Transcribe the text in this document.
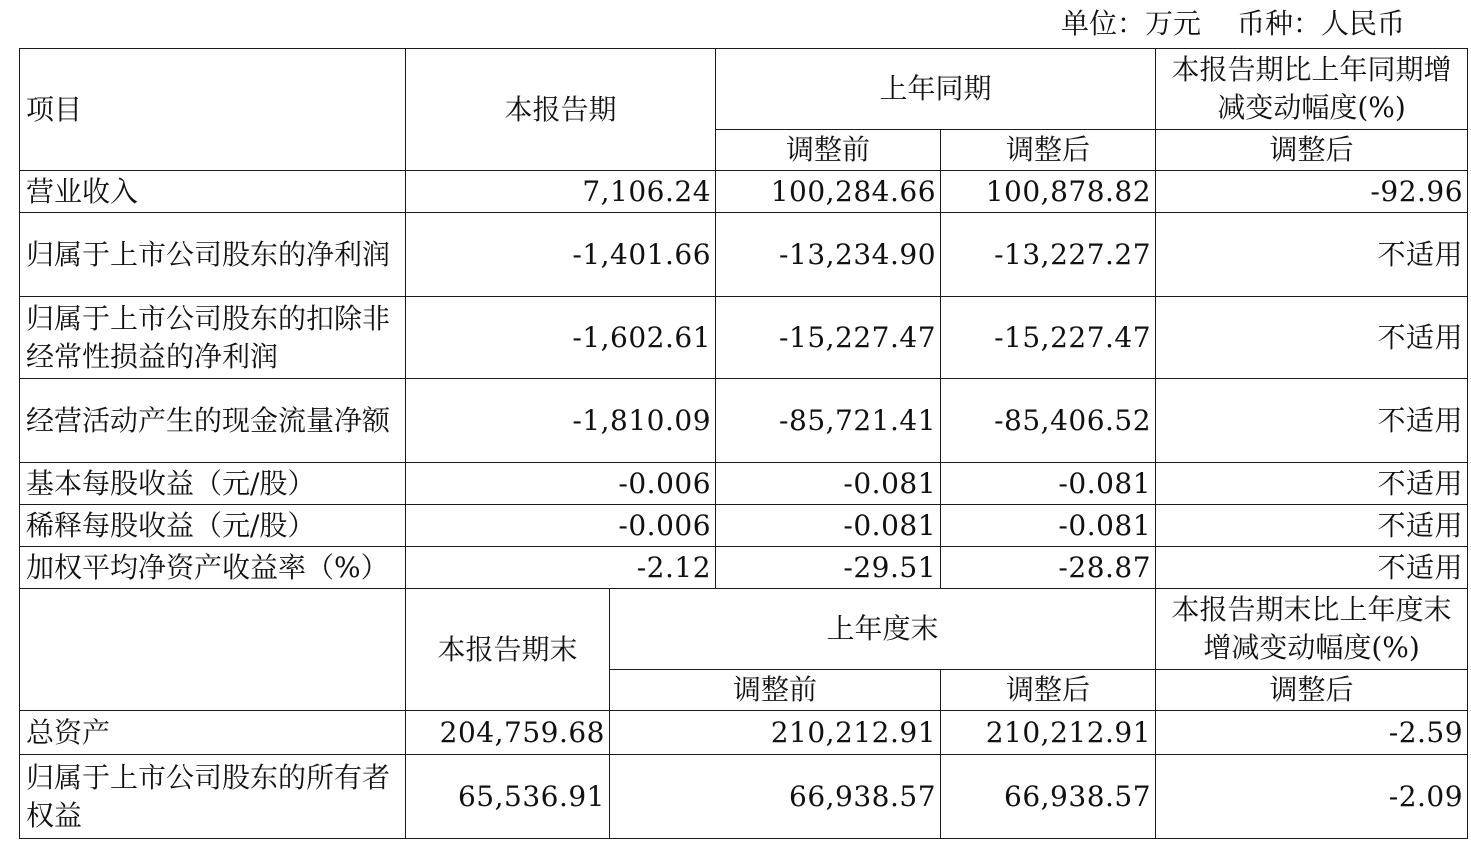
单位：万元 币种：人民币
项目	本报告期		上年同期		本报告期比上年同期增减变动幅度(%)
			调整前	调整后	调整后
营业收入	7,106.24		100,284.66	100,878.82	-92.96
归属于上市公司股东的净利润	-1,401.66		-13,234.90	-13,227.27	不适用
归属于上市公司股东的扣除非经常性损益的净利润	-1,602.61		-15,227.47	-15,227.47	不适用
经营活动产生的现金流量净额	-1,810.09		-85,721.41	-85,406.52	不适用
基本每股收益（元/股）	-0.006		-0.081	-0.081	不适用
稀释每股收益（元/股）	-0.006		-0.081	-0.081	不适用
加权平均净资产收益率（%）	-2.12		-29.51	-28.87	不适用
	本报告期末	上年度末			本报告期末比上年度末增减变动幅度(%)
		调整前		调整后	调整后
总资产	204,759.68	210,212.91		210,212.91	-2.59
归属于上市公司股东的所有者权益	65,536.91	66,938.57		66,938.57	-2.09
